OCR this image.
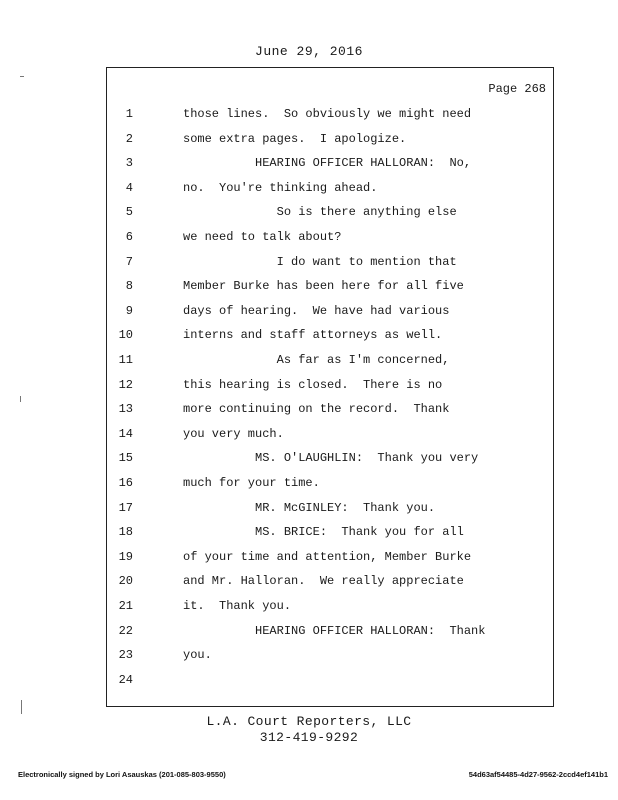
June 29, 2016
Page 268
1	those lines.  So obviously we might need
2	some extra pages.  I apologize.
3	HEARING OFFICER HALLORAN:  No,
4	no.  You're thinking ahead.
5	So is there anything else
6	we need to talk about?
7	I do want to mention that
8	Member Burke has been here for all five
9	days of hearing.  We have had various
10	interns and staff attorneys as well.
11	As far as I'm concerned,
12	this hearing is closed.  There is no
13	more continuing on the record.  Thank
14	you very much.
15	MS. O'LAUGHLIN:  Thank you very
16	much for your time.
17	MR. McGINLEY:  Thank you.
18	MS. BRICE:  Thank you for all
19	of your time and attention, Member Burke
20	and Mr. Halloran.  We really appreciate
21	it.  Thank you.
22	HEARING OFFICER HALLORAN:  Thank
23	you.
24
L.A. Court Reporters, LLC
312-419-9292
Electronically signed by Lori Asauskas (201-085-803-9550)	54d63af54485-4d27-9562-2ccd4ef141b1
